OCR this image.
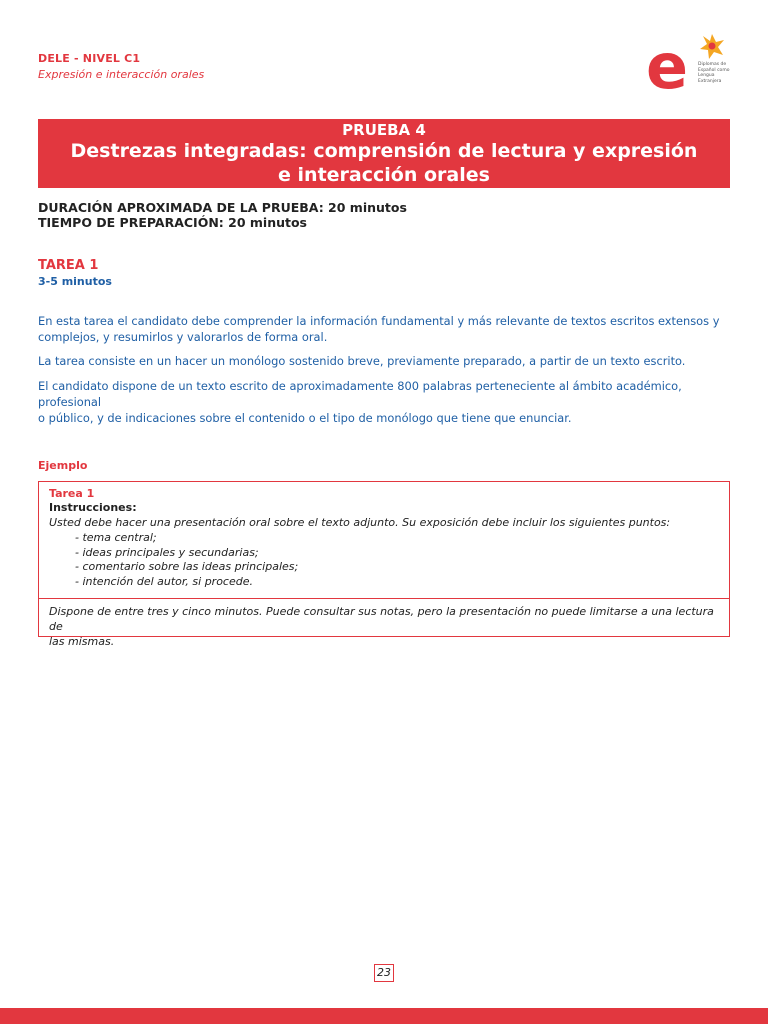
DELE - NIVEL C1
Expresión e interacción orales	e Diplomas de
Español como
Lengua
Extranjera
PRUEBA 4
Destrezas integradas: comprensión de lectura y expresión
e interacción orales
DURACIÓN APROXIMADA DE LA PRUEBA: 20 minutos
TIEMPO DE PREPARACIÓN: 20 minutos
TAREA 1
3-5 minutos
En esta tarea el candidato debe comprender la información fundamental y más relevante de textos escritos extensos y
complejos, y resumirlos y valorarlos de forma oral.
La tarea consiste en un hacer un monólogo sostenido breve, previamente preparado, a partir de un texto escrito.
El candidato dispone de un texto escrito de aproximadamente 800 palabras perteneciente al ámbito académico, profesional
o público, y de indicaciones sobre el contenido o el tipo de monólogo que tiene que enunciar.
Ejemplo
Tarea 1
Instrucciones:
Usted debe hacer una presentación oral sobre el texto adjunto. Su exposición debe incluir los siguientes puntos:
- tema central;
- ideas principales y secundarias;
- comentario sobre las ideas principales;
- intención del autor, si procede.
Dispone de entre tres y cinco minutos. Puede consultar sus notas, pero la presentación no puede limitarse a una lectura de
las mismas.
23
